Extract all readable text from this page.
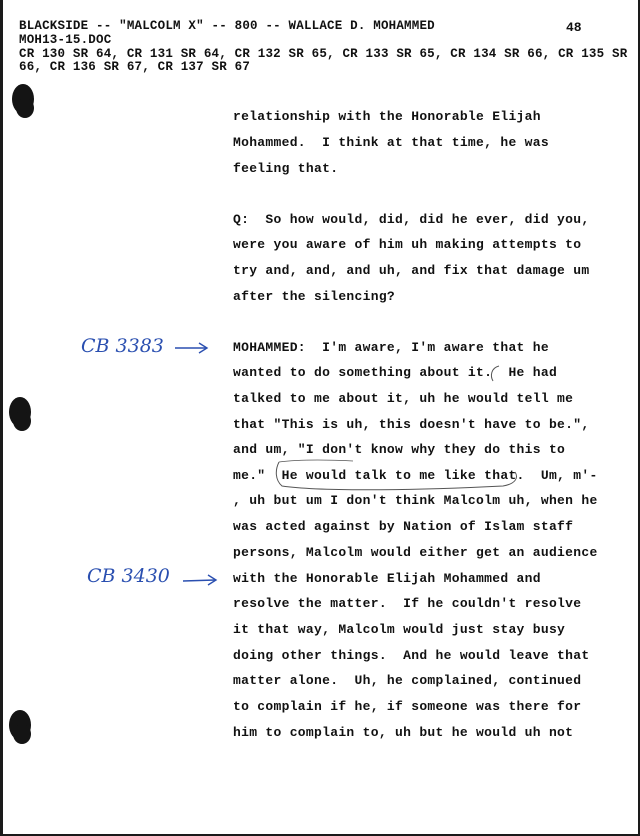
BLACKSIDE -- "MALCOLM X" -- 800 -- WALLACE D. MOHAMMED	48
MOH13-15.DOC
CR 130 SR 64, CR 131 SR 64, CR 132 SR 65, CR 133 SR 65, CR 134 SR 66, CR 135 SR
66, CR 136 SR 67, CR 137 SR 67
relationship with the Honorable Elijah
Mohammed.  I think at that time, he was
feeling that.
Q:  So how would, did, did he ever, did you,
were you aware of him uh making attempts to
try and, and, and uh, and fix that damage um
after the silencing?
MOHAMMED:  I'm aware, I'm aware that he
wanted to do something about it.  He had
talked to me about it, uh he would tell me
that "This is uh, this doesn't have to be.",
and um, "I don't know why they do this to
me."  He would talk to me like that.  Um, m'-
, uh but um I don't think Malcolm uh, when he
was acted against by Nation of Islam staff
persons, Malcolm would either get an audience
with the Honorable Elijah Mohammed and
resolve the matter.  If he couldn't resolve
it that way, Malcolm would just stay busy
doing other things.  And he would leave that
matter alone.  Uh, he complained, continued
to complain if he, if someone was there for
him to complain to, uh but he would uh not
CB 3383
CB 3430
